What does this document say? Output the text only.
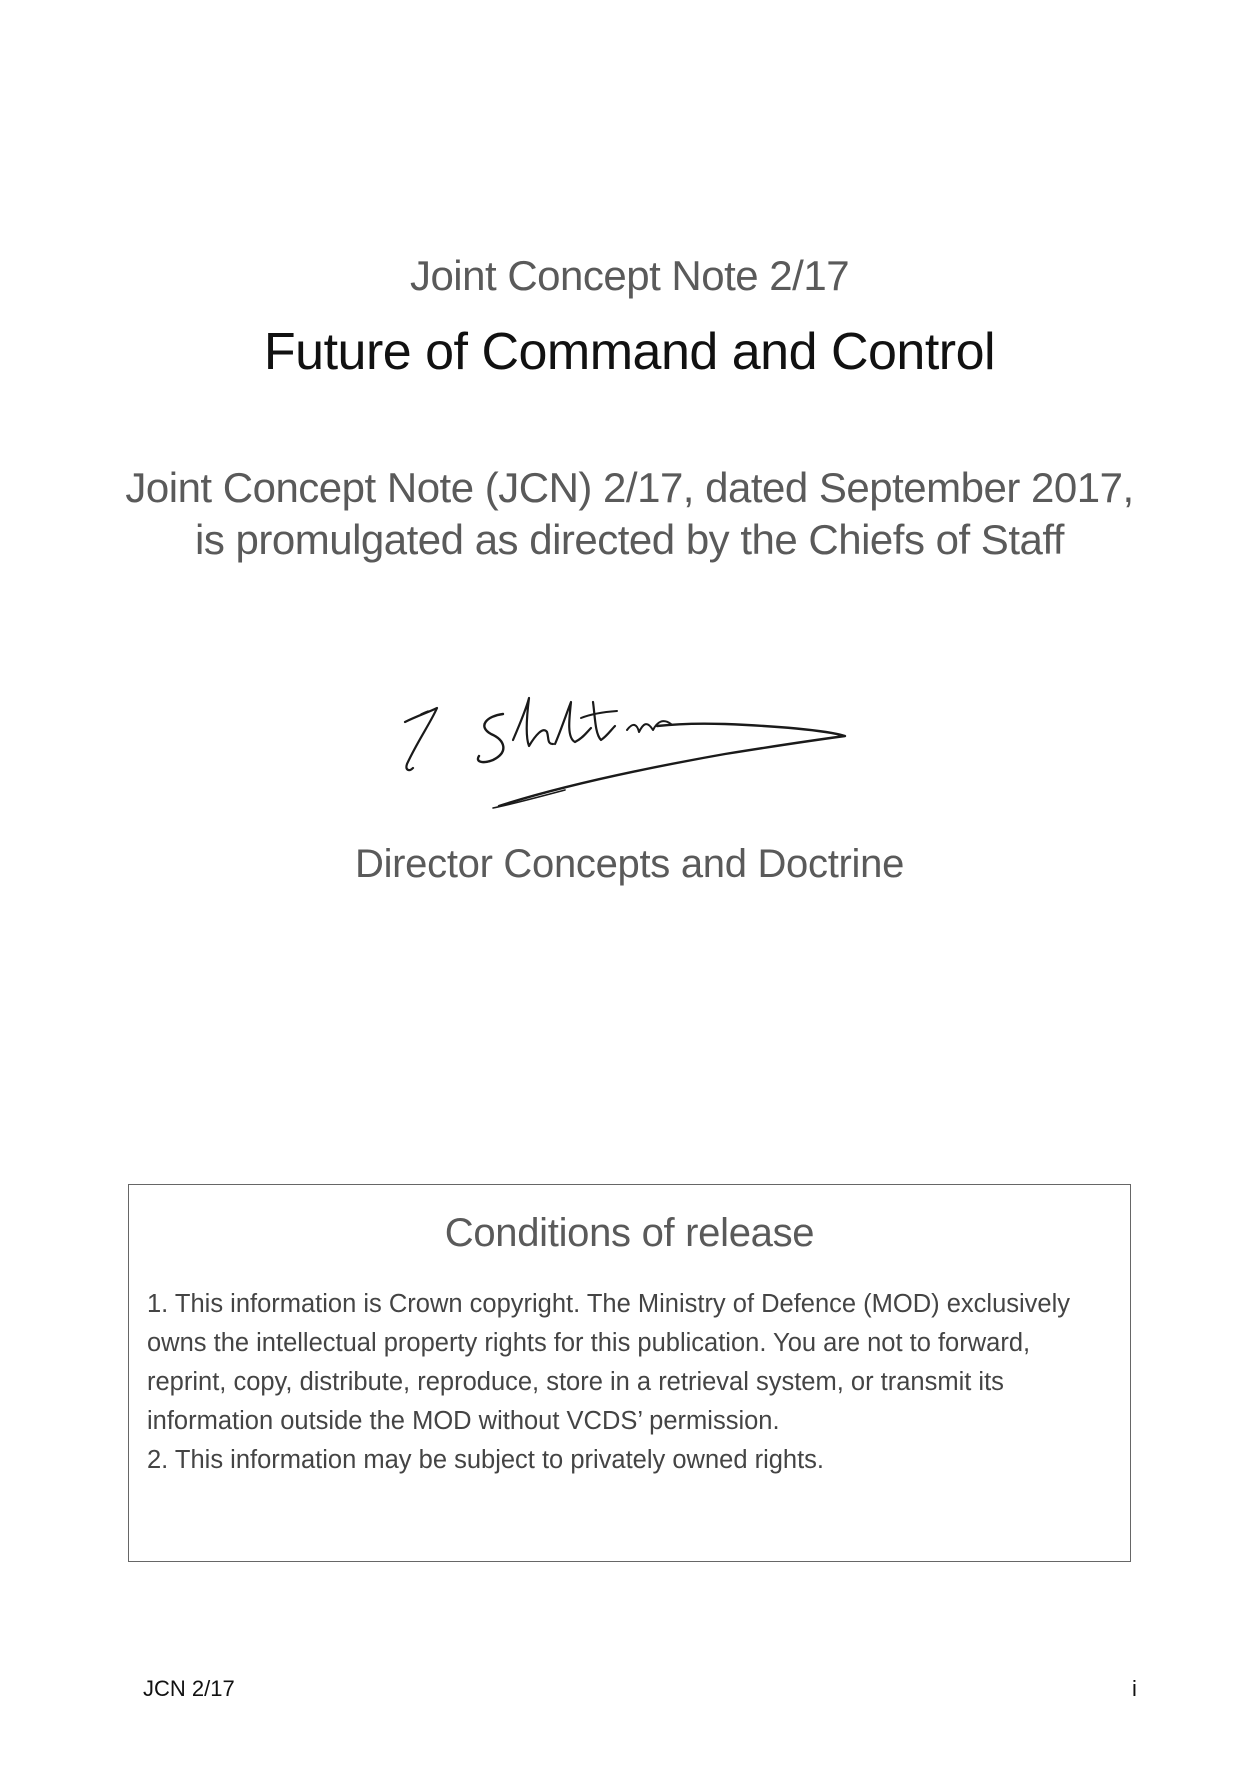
Joint Concept Note 2/17
Future of Command and Control
Joint Concept Note (JCN) 2/17, dated September 2017,
is promulgated as directed by the Chiefs of Staff
Director Concepts and Doctrine
Conditions of release
1. This information is Crown copyright. The Ministry of Defence (MOD) exclusively owns the intellectual property rights for this publication. You are not to forward, reprint, copy, distribute, reproduce, store in a retrieval system, or transmit its information outside the MOD without VCDS’ permission.
2. This information may be subject to privately owned rights.
JCN 2/17	i
